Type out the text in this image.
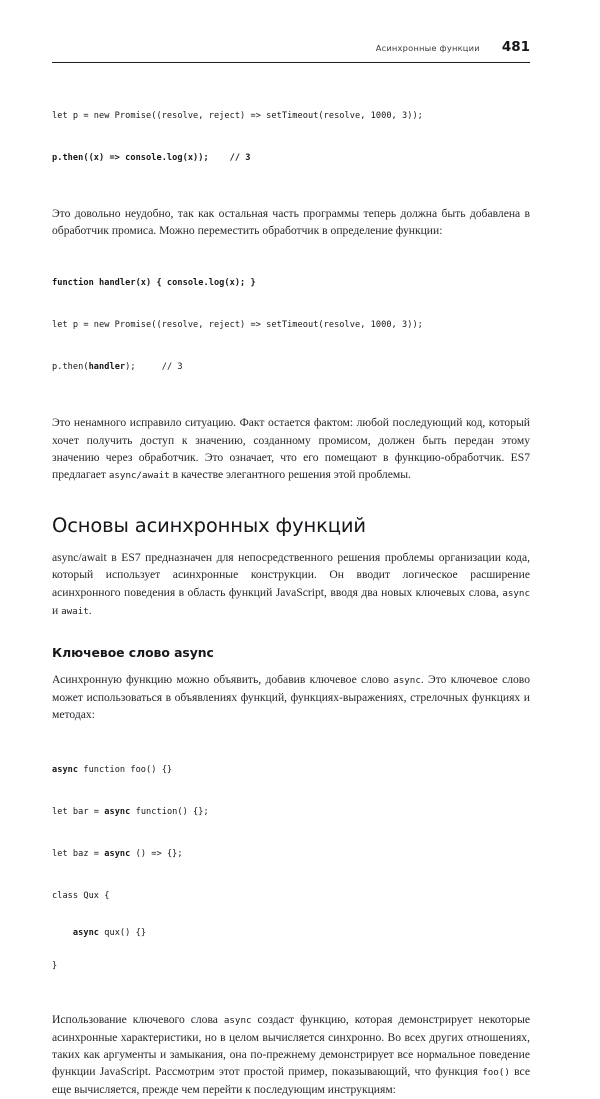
Асинхронные функции 481

let p = new Promise((resolve, reject) => setTimeout(resolve, 1000, 3));

p.then((x) => console.log(x));    // 3

Это довольно неудобно, так как остальная часть программы теперь должна быть добавлена в обработчик промиса. Можно переместить обработчик в определение функции:

function handler(x) { console.log(x); }

let p = new Promise((resolve, reject) => setTimeout(resolve, 1000, 3));

p.then(handler);     // 3

Это ненамного исправило ситуацию. Факт остается фактом: любой последующий код, который хочет получить доступ к значению, созданному промисом, должен быть передан этому значению через обработчик. Это означает, что его помещают в функцию-обработчик. ES7 предлагает async/await в качестве элегантного решения этой проблемы.

Основы асинхронных функций

async/await в ES7 предназначен для непосредственного решения проблемы организации кода, который использует асинхронные конструкции. Он вводит логическое расширение асинхронного поведения в область функций JavaScript, вводя два новых ключевых слова, async и await.

Ключевое слово async

Асинхронную функцию можно объявить, добавив ключевое слово async. Это ключевое слово может использоваться в объявлениях функций, функциях-выражениях, стрелочных функциях и методах:

async function foo() {}

let bar = async function() {};

let baz = async () => {};

class Qux {

async qux() {}

}

Использование ключевого слова async создаст функцию, которая демонстрирует некоторые асинхронные характеристики, но в целом вычисляется синхронно. Во всех других отношениях, таких как аргументы и замыкания, она по-прежнему демонстрирует все нормальное поведение функции JavaScript. Рассмотрим этот простой пример, показывающий, что функция foo() все еще вычисляется, прежде чем перейти к последующим инструкциям:
